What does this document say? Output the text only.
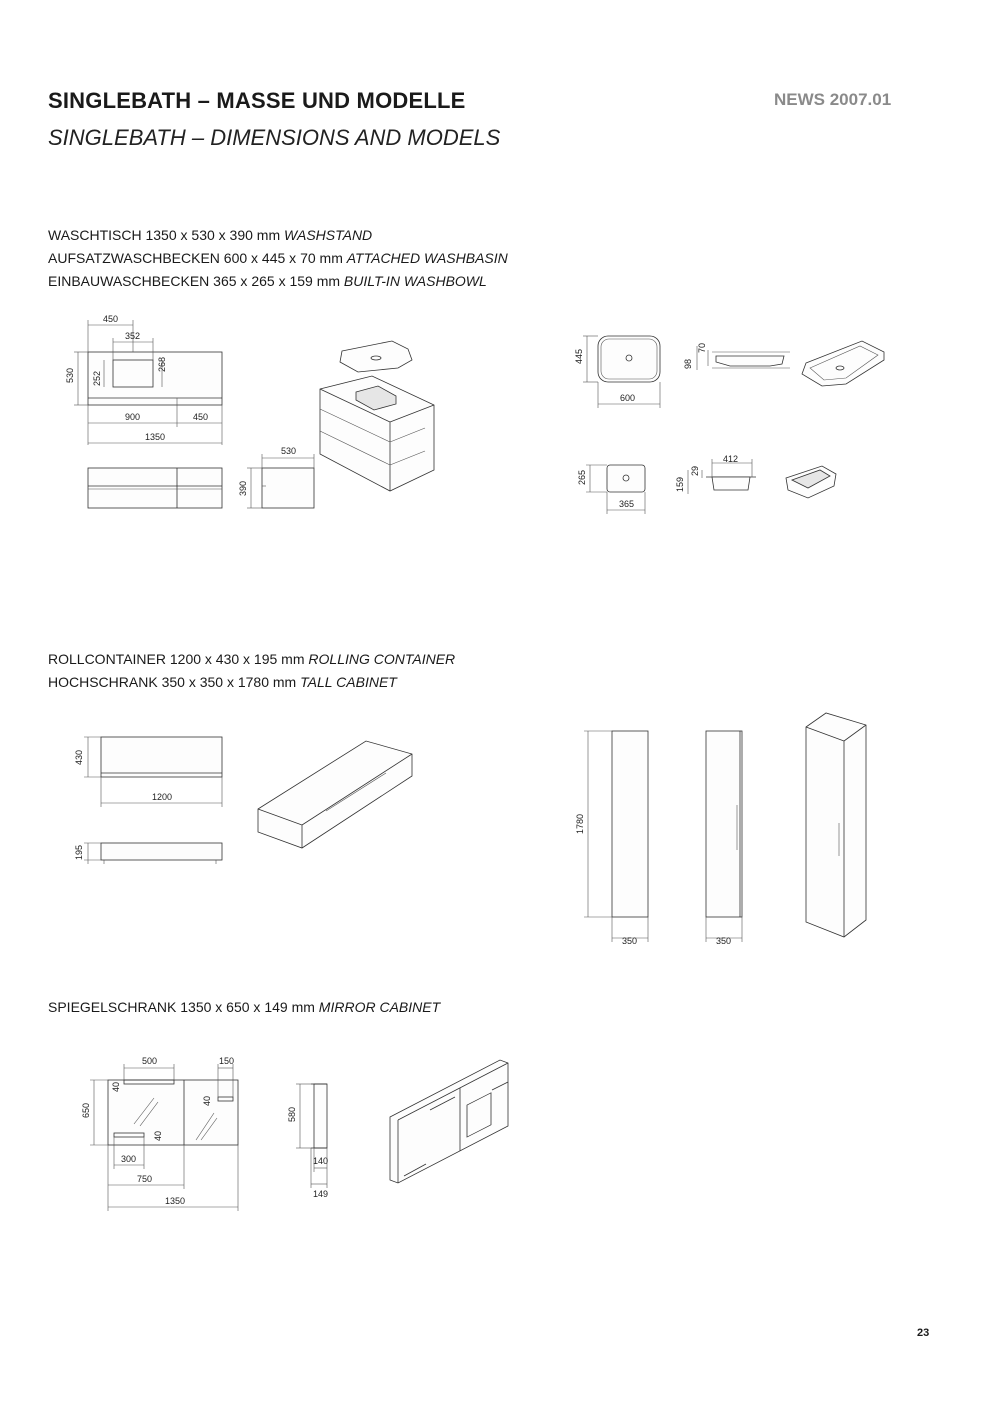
SINGLEBATH – MASSE UND MODELLE
SINGLEBATH – DIMENSIONS AND MODELS
NEWS 2007.01
WASCHTISCH 1350 x 530 x 390 mm WASHSTAND
AUFSATZWASCHBECKEN 600 x 445 x 70 mm ATTACHED WASHBASIN
EINBAUWASCHBECKEN 365 x 265 x 159 mm BUILT-IN WASHBOWL
ROLLCONTAINER 1200 x 430 x 195 mm ROLLING CONTAINER
HOCHSCHRANK 350 x 350 x 1780 mm TALL CABINET
SPIEGELSCHRANK 1350 x 650 x 149 mm MIRROR CABINET
450
352
530 252
268
900	450
1350
530
390
445
600
98
70
265
365
412
159
29
430
1200
195
1780
350	350
500	150
40
40
40
650
300
750
1350
580
140
149
23
